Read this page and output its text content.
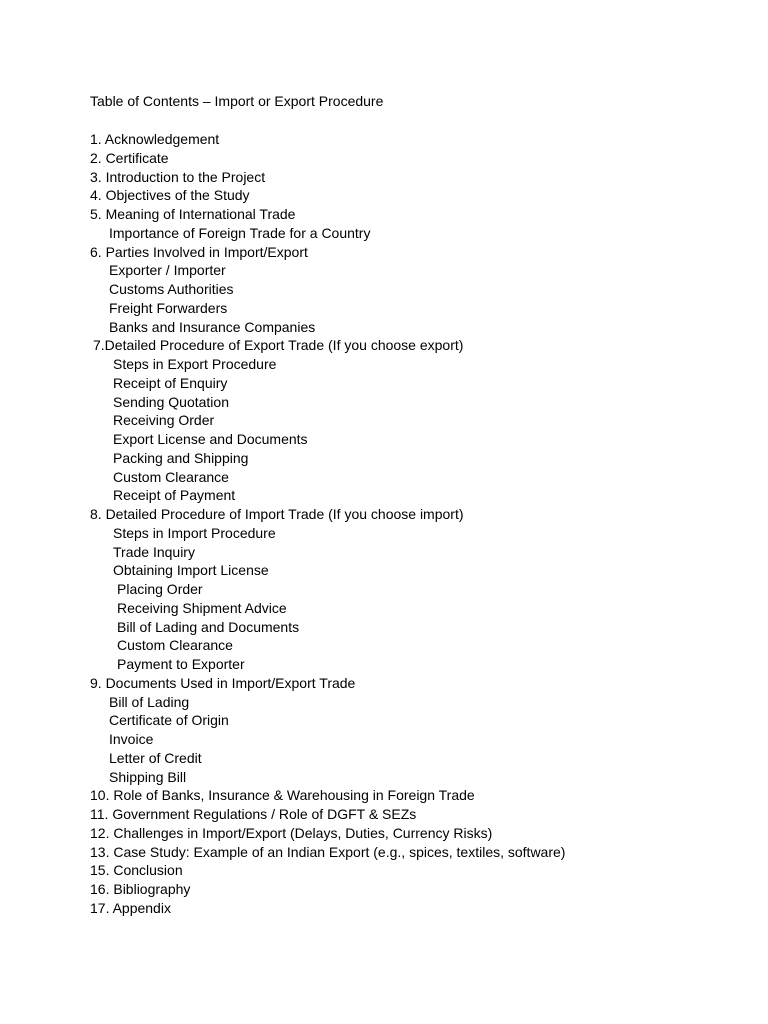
Table of Contents – Import or Export Procedure
1. Acknowledgement
2. Certificate
3. Introduction to the Project
4. Objectives of the Study
5. Meaning of International Trade
Importance of Foreign Trade for a Country
6. Parties Involved in Import/Export
Exporter / Importer
Customs Authorities
Freight Forwarders
Banks and Insurance Companies
7.Detailed Procedure of Export Trade (If you choose export)
Steps in Export Procedure
Receipt of Enquiry
Sending Quotation
Receiving Order
Export License and Documents
Packing and Shipping
Custom Clearance
Receipt of Payment
8. Detailed Procedure of Import Trade (If you choose import)
Steps in Import Procedure
Trade Inquiry
Obtaining Import License
Placing Order
Receiving Shipment Advice
Bill of Lading and Documents
Custom Clearance
Payment to Exporter
9. Documents Used in Import/Export Trade
Bill of Lading
Certificate of Origin
Invoice
Letter of Credit
Shipping Bill
10. Role of Banks, Insurance & Warehousing in Foreign Trade
11. Government Regulations / Role of DGFT & SEZs
12. Challenges in Import/Export (Delays, Duties, Currency Risks)
13. Case Study: Example of an Indian Export (e.g., spices, textiles, software)
15. Conclusion
16. Bibliography
17. Appendix
